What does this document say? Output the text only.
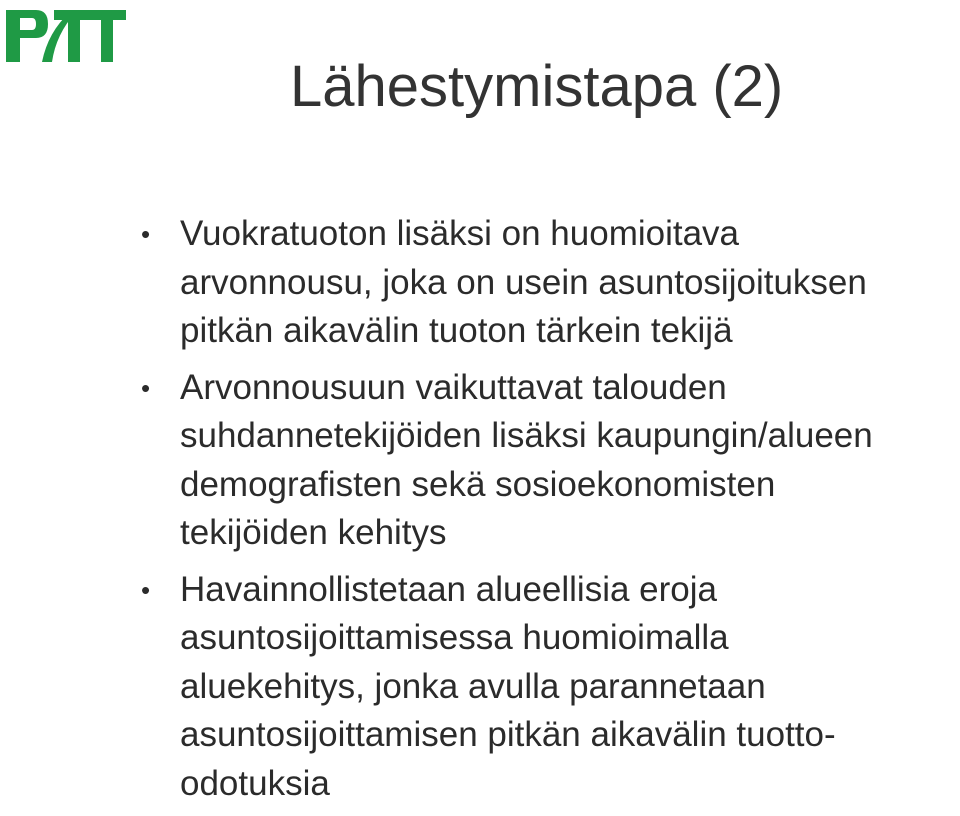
Lähestymistapa (2)
• Vuokratuoton lisäksi on huomioitava
arvonnousu, joka on usein asuntosijoituksen
pitkän aikavälin tuoton tärkein tekijä
• Arvonnousuun vaikuttavat talouden
suhdannetekijöiden lisäksi kaupungin/alueen
demografisten sekä sosioekonomisten
tekijöiden kehitys
• Havainnollistetaan alueellisia eroja
asuntosijoittamisessa huomioimalla
aluekehitys, jonka avulla parannetaan
asuntosijoittamisen pitkän aikavälin tuotto-
odotuksia
